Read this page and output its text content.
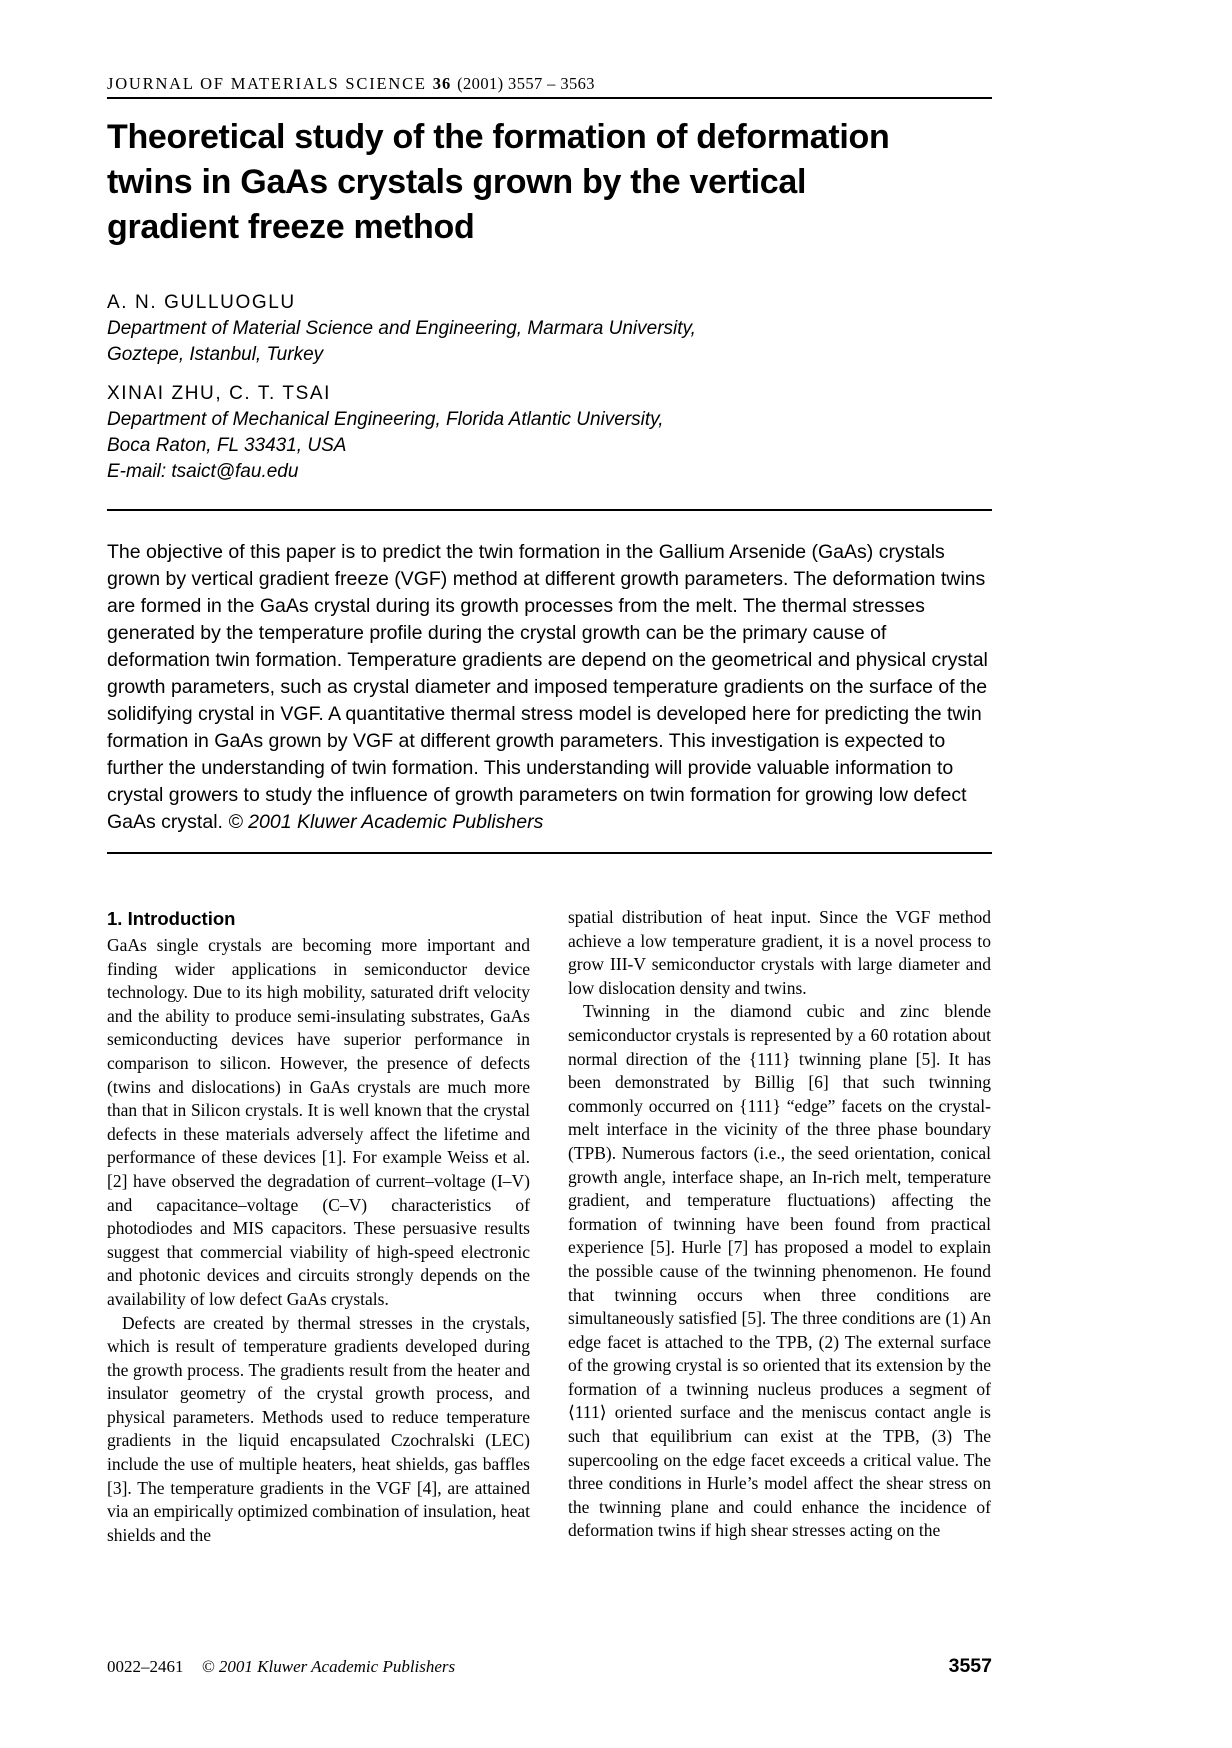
JOURNAL OF MATERIALS SCIENCE 36 (2001) 3557 – 3563
Theoretical study of the formation of deformation
twins in GaAs crystals grown by the vertical
gradient freeze method
A. N. GULLUOGLU
Department of Material Science and Engineering, Marmara University,
Goztepe, Istanbul, Turkey
XINAI ZHU, C. T. TSAI
Department of Mechanical Engineering, Florida Atlantic University,
Boca Raton, FL 33431, USA
E-mail: tsaict@fau.edu

The objective of this paper is to predict the twin formation in the Gallium Arsenide (GaAs) crystals grown by vertical gradient freeze (VGF) method at different growth parameters. The deformation twins are formed in the GaAs crystal during its growth processes from the melt. The thermal stresses generated by the temperature profile during the crystal growth can be the primary cause of deformation twin formation. Temperature gradients are depend on the geometrical and physical crystal growth parameters, such as crystal diameter and imposed temperature gradients on the surface of the solidifying crystal in VGF. A quantitative thermal stress model is developed here for predicting the twin formation in GaAs grown by VGF at different growth parameters. This investigation is expected to further the understanding of twin formation. This understanding will provide valuable information to crystal growers to study the influence of growth parameters on twin formation for growing low defect GaAs crystal. © 2001 Kluwer Academic Publishers

1. Introduction

GaAs single crystals are becoming more important and finding wider applications in semiconductor device technology. Due to its high mobility, saturated drift velocity and the ability to produce semi-insulating substrates, GaAs semiconducting devices have superior performance in comparison to silicon. However, the presence of defects (twins and dislocations) in GaAs crystals are much more than that in Silicon crystals. It is well known that the crystal defects in these materials adversely affect the lifetime and performance of these devices [1]. For example Weiss et al. [2] have observed the degradation of current–voltage (I–V) and capacitance–voltage (C–V) characteristics of photodiodes and MIS capacitors. These persuasive results suggest that commercial viability of high-speed electronic and photonic devices and circuits strongly depends on the availability of low defect GaAs crystals.

Defects are created by thermal stresses in the crystals, which is result of temperature gradients developed during the growth process. The gradients result from the heater and insulator geometry of the crystal growth process, and physical parameters. Methods used to reduce temperature gradients in the liquid encapsulated Czochralski (LEC) include the use of multiple heaters, heat shields, gas baffles [3]. The temperature gradients in the VGF [4], are attained via an empirically optimized combination of insulation, heat shields and the

spatial distribution of heat input. Since the VGF method achieve a low temperature gradient, it is a novel process to grow III-V semiconductor crystals with large diameter and low dislocation density and twins.

Twinning in the diamond cubic and zinc blende semiconductor crystals is represented by a 60 rotation about normal direction of the {111} twinning plane [5]. It has been demonstrated by Billig [6] that such twinning commonly occurred on {111} “edge” facets on the crystal-melt interface in the vicinity of the three phase boundary (TPB). Numerous factors (i.e., the seed orientation, conical growth angle, interface shape, an In-rich melt, temperature gradient, and temperature fluctuations) affecting the formation of twinning have been found from practical experience [5]. Hurle [7] has proposed a model to explain the possible cause of the twinning phenomenon. He found that twinning occurs when three conditions are simultaneously satisfied [5]. The three conditions are (1) An edge facet is attached to the TPB, (2) The external surface of the growing crystal is so oriented that its extension by the formation of a twinning nucleus produces a segment of ⟨111⟩ oriented surface and the meniscus contact angle is such that equilibrium can exist at the TPB, (3) The supercooling on the edge facet exceeds a critical value. The three conditions in Hurle’s model affect the shear stress on the twinning plane and could enhance the incidence of deformation twins if high shear stresses acting on the

0022–2461 © 2001 Kluwer Academic Publishers	3557
